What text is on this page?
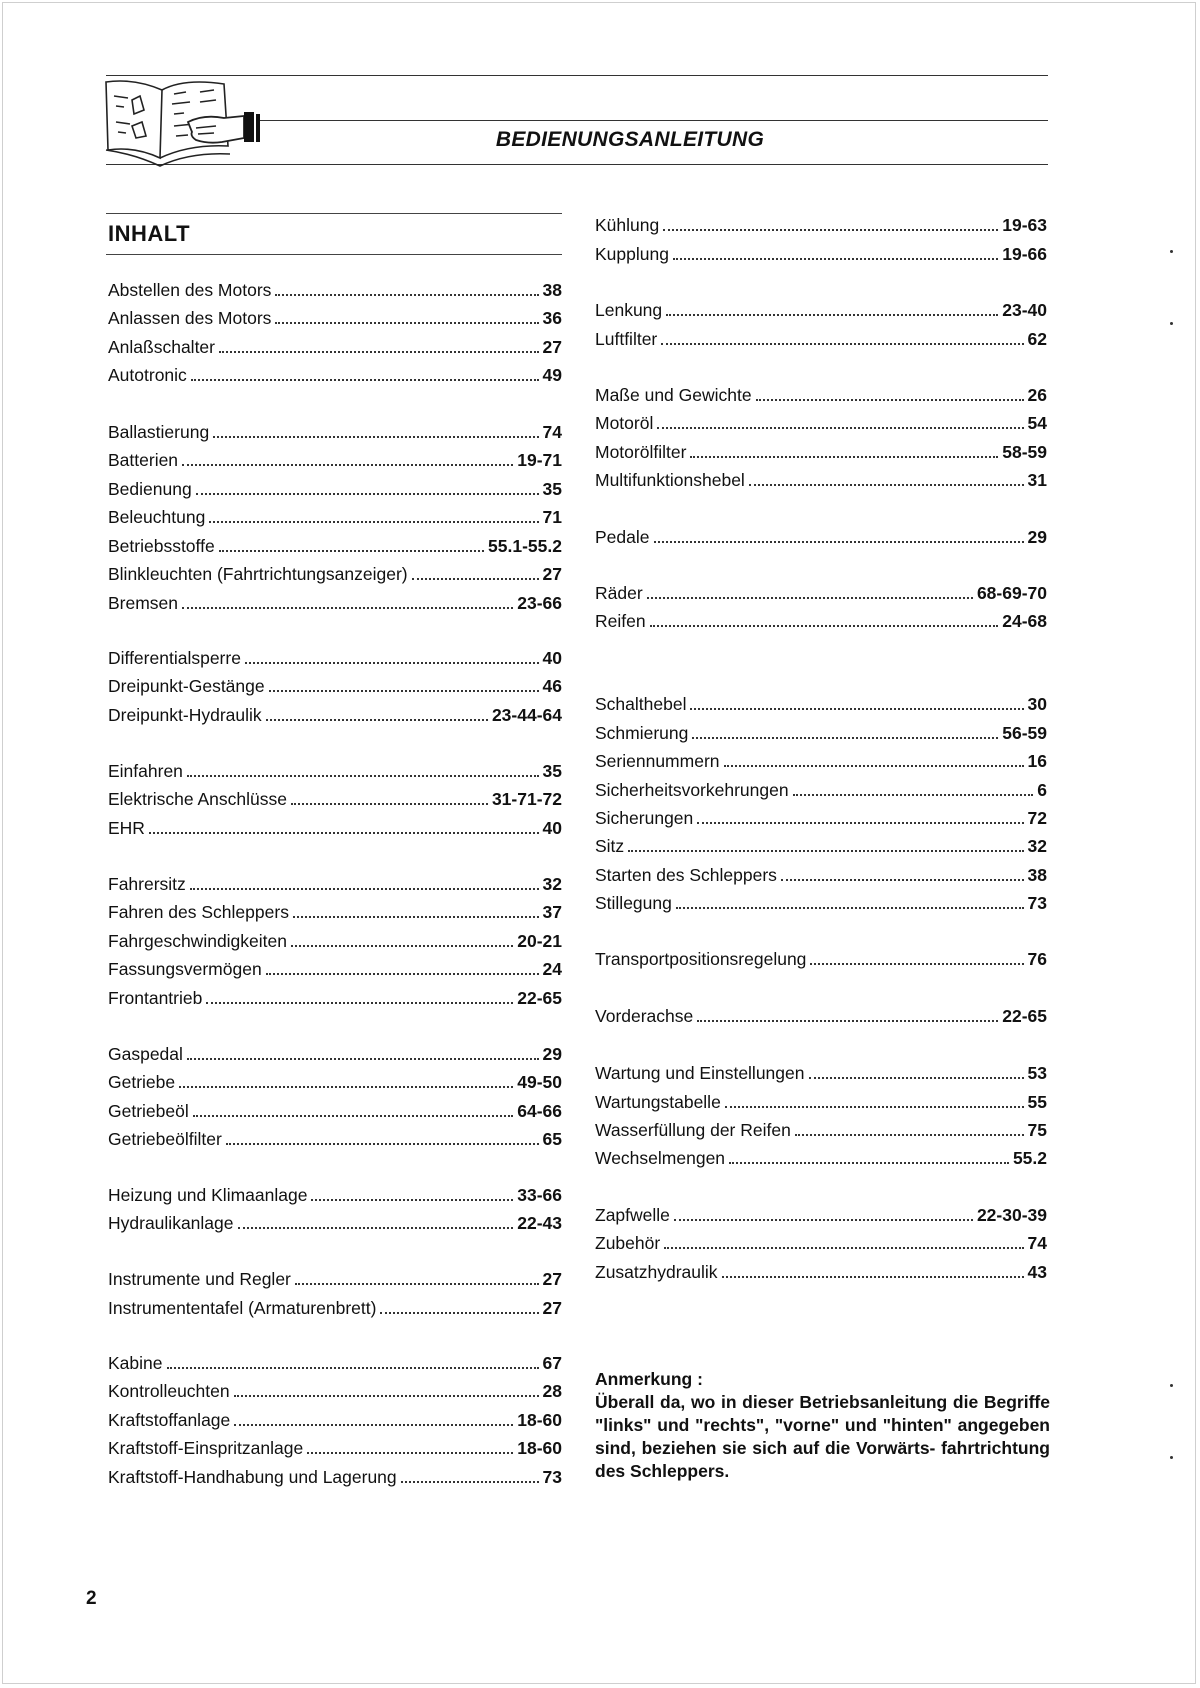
BEDIENUNGSANLEITUNG
INHALT
Abstellen des Motors	38
Anlassen des Motors	36
Anlaßschalter	27
Autotronic	49
Ballastierung	74
Batterien	19-71
Bedienung	35
Beleuchtung	71
Betriebsstoffe	55.1-55.2
Blinkleuchten (Fahrtrichtungsanzeiger)	27
Bremsen	23-66
Differentialsperre	40
Dreipunkt-Gestänge	46
Dreipunkt-Hydraulik	23-44-64
Einfahren	35
Elektrische Anschlüsse	31-71-72
EHR	40
Fahrersitz	32
Fahren des Schleppers	37
Fahrgeschwindigkeiten	20-21
Fassungsvermögen	24
Frontantrieb	22-65
Gaspedal	29
Getriebe	49-50
Getriebeöl	64-66
Getriebeölfilter	65
Heizung und Klimaanlage	33-66
Hydraulikanlage	22-43
Instrumente und Regler	27
Instrumententafel (Armaturenbrett)	27
Kabine	67
Kontrolleuchten	28
Kraftstoffanlage	18-60
Kraftstoff-Einspritzanlage	18-60
Kraftstoff-Handhabung und Lagerung	73
Kühlung	19-63
Kupplung	19-66
Lenkung	23-40
Luftfilter	62
Maße und Gewichte	26
Motoröl	54
Motorölfilter	58-59
Multifunktionshebel	31
Pedale	29
Räder	68-69-70
Reifen	24-68
Schalthebel	30
Schmierung	56-59
Seriennummern	16
Sicherheitsvorkehrungen	6
Sicherungen	72
Sitz	32
Starten des Schleppers	38
Stillegung	73
Transportpositionsregelung	76
Vorderachse	22-65
Wartung und Einstellungen	53
Wartungstabelle	55
Wasserfüllung der Reifen	75
Wechselmengen	55.2
Zapfwelle	22-30-39
Zubehör	74
Zusatzhydraulik	43
Anmerkung :
Überall da, wo in dieser Betriebsanleitung die Begriffe "links" und "rechts", "vorne" und "hinten" angegeben sind, beziehen sie sich auf die Vorwärts- fahrtrichtung des Schleppers.
2
